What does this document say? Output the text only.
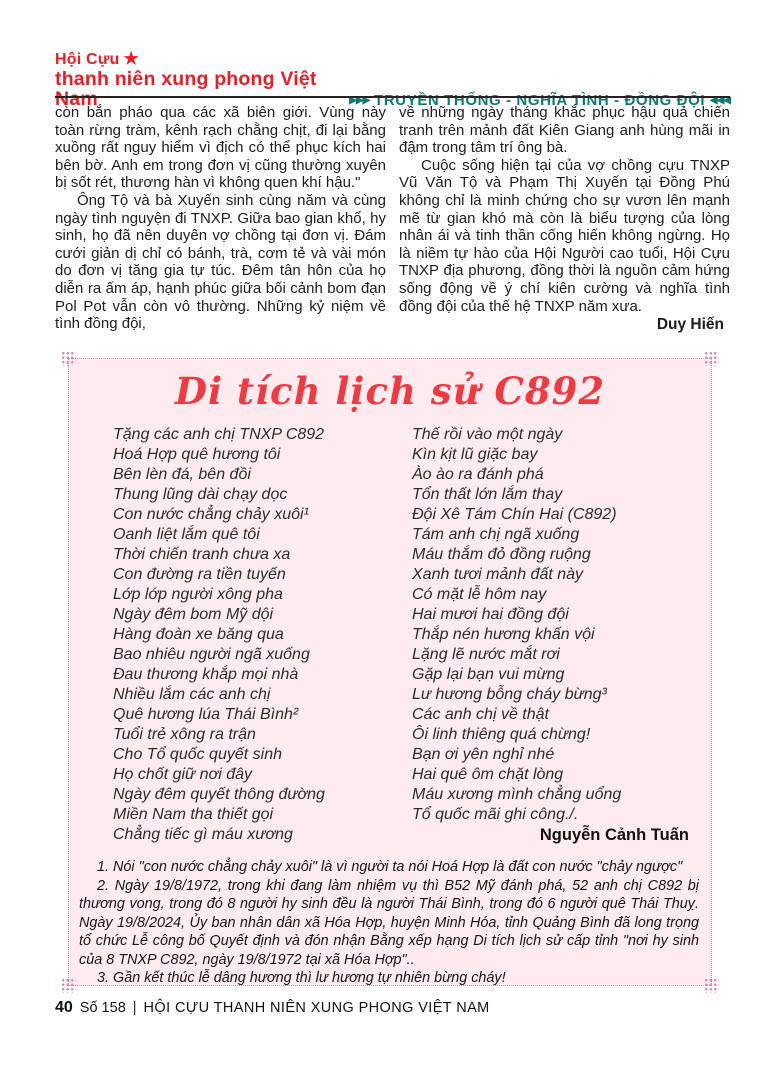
Hội Cựu ★
thanh niên xung phong Việt Nam	▶▶▶ TRUYỀN THỐNG - NGHĨA TÌNH - ĐỒNG ĐỘI ◀◀◀

còn bắn pháo qua các xã biên giới. Vùng này toàn rừng tràm, kênh rạch chằng chịt, đi lại bằng xuồng rất nguy hiểm vì địch có thể phục kích hai bên bờ. Anh em trong đơn vị cũng thường xuyên bị sốt rét, thương hàn vì không quen khí hậu."

Ông Tộ và bà Xuyến sinh cùng năm và cùng ngày tình nguyện đi TNXP. Giữa bao gian khổ, hy sinh, họ đã nên duyên vợ chồng tại đơn vị. Đám cưới giản dị chỉ có bánh, trà, cơm tẻ và vài món do đơn vị tăng gia tự túc. Đêm tân hôn của họ diễn ra ấm áp, hạnh phúc giữa bối cảnh bom đạn Pol Pot vẫn còn vô thường. Những kỷ niệm về tình đồng đội,

về những ngày tháng khắc phục hậu quả chiến tranh trên mảnh đất Kiên Giang anh hùng mãi in đậm trong tâm trí ông bà.

Cuộc sống hiện tại của vợ chồng cựu TNXP Vũ Văn Tộ và Phạm Thị Xuyến tại Đồng Phú không chỉ là minh chứng cho sự vươn lên mạnh mẽ từ gian khó mà còn là biểu tượng của lòng nhân ái và tinh thần cống hiến không ngừng. Họ là niềm tự hào của Hội Người cao tuổi, Hội Cựu TNXP địa phương, đồng thời là nguồn cảm hứng sống động về ý chí kiên cường và nghĩa tình đồng đội của thế hệ TNXP năm xưa.

Duy Hiến
Di tích lịch sử C892
Tặng các anh chị TNXP C892
Hoá Hợp quê hương tôi
Bên lèn đá, bên đồi
Thung lũng dài chạy dọc
Con nước chẳng chảy xuôi¹
Oanh liệt lắm quê tôi
Thời chiến tranh chưa xa
Con đường ra tiền tuyến
Lớp lớp người xông pha
Ngày đêm bom Mỹ dội
Hàng đoàn xe băng qua
Bao nhiêu người ngã xuống
Đau thương khắp mọi nhà
Nhiều lắm các anh chị
Quê hương lúa Thái Bình²
Tuổi trẻ xông ra trận
Cho Tổ quốc quyết sinh
Họ chốt giữ nơi đây
Ngày đêm quyết thông đường
Miền Nam tha thiết gọi
Chẳng tiếc gì máu xương
Thế rồi vào một ngày
Kìn kịt lũ giặc bay
Ào ào ra đánh phá
Tổn thất lớn lắm thay
Đội Xê Tám Chín Hai (C892)
Tám anh chị ngã xuống
Máu thắm đỏ đồng ruộng
Xanh tươi mảnh đất này
Có mặt lễ hôm nay
Hai mươi hai đồng đội
Thắp nén hương khấn vội
Lặng lẽ nước mắt rơi
Gặp lại bạn vui mừng
Lư hương bỗng cháy bừng³
Các anh chị về thật
Ôi linh thiêng quá chừng!
Bạn ơi yên nghỉ nhé
Hai quê ôm chặt lòng
Máu xương mình chẳng uổng
Tổ quốc mãi ghi công./.
Nguyễn Cảnh Tuấn

1. Nói "con nước chẳng chảy xuôi" là vì người ta nói Hoá Hợp là đất con nước "chảy ngược"

2. Ngày 19/8/1972, trong khi đang làm nhiệm vụ thì B52 Mỹ đánh phá, 52 anh chị C892 bị thương vong, trong đó 8 người hy sinh đều là người Thái Bình, trong đó 6 người quê Thái Thuỵ. Ngày 19/8/2024, Ủy ban nhân dân xã Hóa Hợp, huyện Minh Hóa, tỉnh Quảng Bình đã long trọng tổ chức Lễ công bố Quyết định và đón nhận Bằng xếp hạng Di tích lịch sử cấp tỉnh "nơi hy sinh của 8 TNXP C892, ngày 19/8/1972 tại xã Hóa Hợp"..

3. Gần kết thúc lễ dâng hương thì lư hương tự nhiên bừng cháy!

40 Số 158 | HỘI CỰU THANH NIÊN XUNG PHONG VIỆT NAM
